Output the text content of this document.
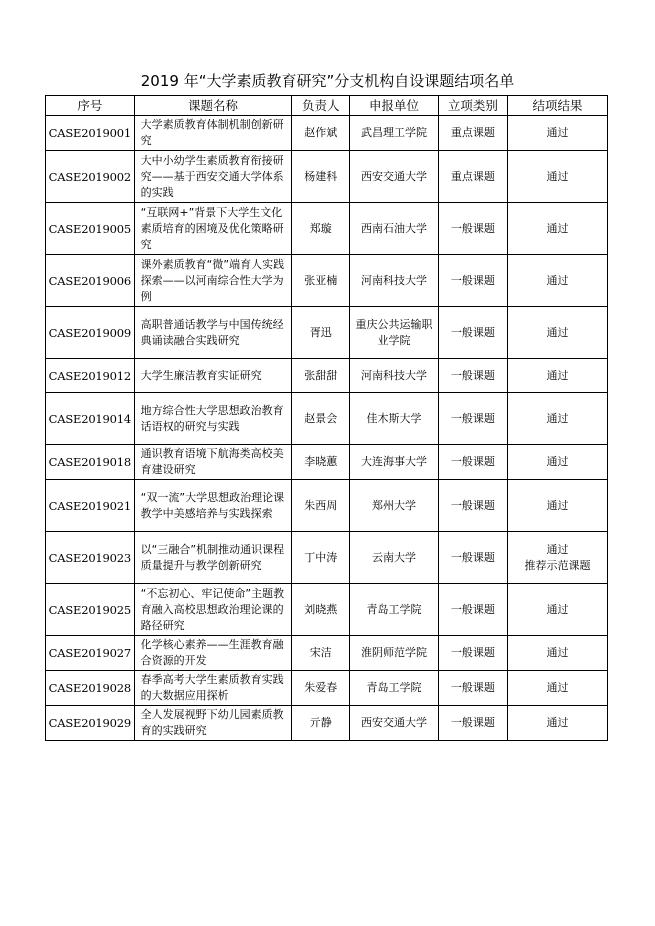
2019 年“大学素质教育研究”分支机构自设课题结项名单
序号	课题名称	负责人	申报单位	立项类别	结项结果
CASE2019001	大学素质教育体制机制创新研究	赵作斌	武昌理工学院	重点课题	通过

CASE2019002	大中小幼学生素质教育衔接研究——基于西安交通大学体系的实践	杨建科	西安交通大学	重点课题	通过

CASE2019005	“互联网+”背景下大学生文化素质培育的困境及优化策略研究	郑璇	西南石油大学	一般课题	通过

CASE2019006	课外素质教育“微”端育人实践探索——以河南综合性大学为例	张亚楠	河南科技大学	一般课题	通过

CASE2019009	高职普通话教学与中国传统经典诵读融合实践研究	胥迅	重庆公共运输职业学院	一般课题	通过

CASE2019012	大学生廉洁教育实证研究	张甜甜	河南科技大学	一般课题	通过

CASE2019014	地方综合性大学思想政治教育话语权的研究与实践	赵景会	佳木斯大学	一般课题	通过

CASE2019018	通识教育语境下航海类高校美育建设研究	李晓蕙	大连海事大学	一般课题	通过

CASE2019021	“双一流”大学思想政治理论课 教学中美感培养与实践探索	朱西周	郑州大学	一般课题	通过

CASE2019023	以“三融合”机制推动通识课程质量提升与教学创新研究	丁中涛	云南大学	一般课题	通过
推荐示范课题

CASE2019025	“不忘初心、牢记使命”主题教育融入高校思想政治理论课的路径研究	刘晓燕	青岛工学院	一般课题	通过

CASE2019027	化学核心素养——生涯教育融合资源的开发	宋洁	淮阴师范学院	一般课题	通过

CASE2019028	春季高考大学生素质教育实践的大数据应用探析	朱爱春	青岛工学院	一般课题	通过

CASE2019029	全人发展视野下幼儿园素质教育的实践研究	亓静	西安交通大学	一般课题	通过
